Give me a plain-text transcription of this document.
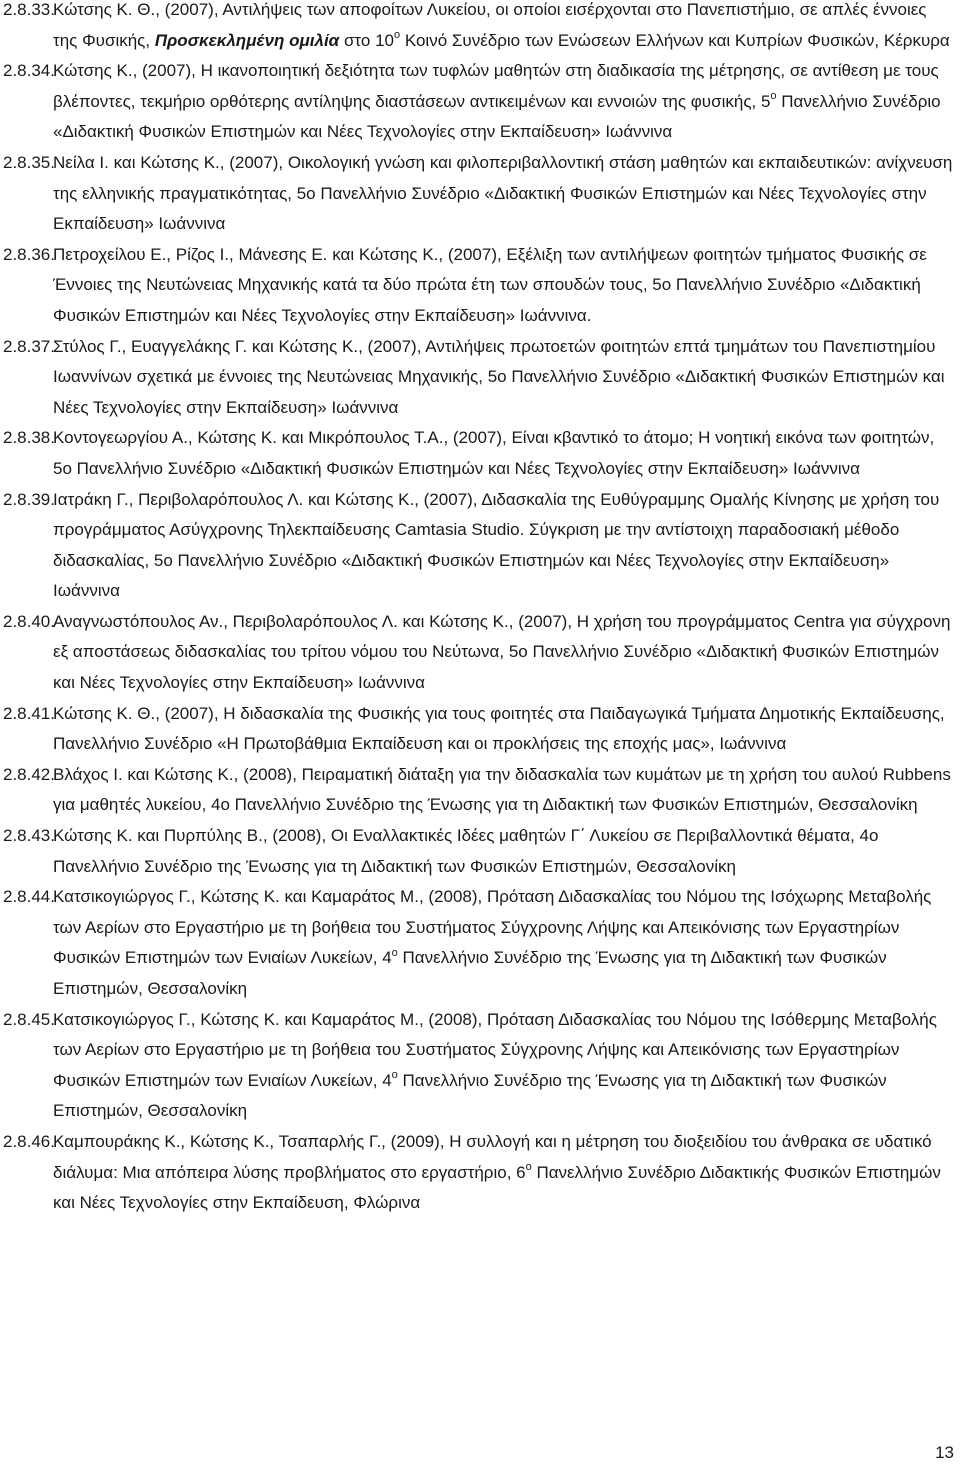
2.8.33.
Κώτσης Κ. Θ., (2007), Αντιλήψεις των αποφοίτων Λυκείου, οι οποίοι εισέρχονται στο Πανεπιστήμιο, σε απλές έννοιες της Φυσικής, Προσκεκλημένη ομιλία στο $10^o$ Κοινό Συνέδριο των Ενώσεων Ελλήνων και Κυπρίων Φυσικών, Κέρκυρα
2.8.34.
Κώτσης Κ., (2007), Η ικανοποιητική δεξιότητα των τυφλών μαθητών στη διαδικασία της μέτρησης, σε αντίθεση με τους βλέποντες, τεκμήριο ορθότερης αντίληψης διαστάσεων αντικειμένων και εννοιών της φυσικής, $5^o$ Πανελλήνιο Συνέδριο «Διδακτική Φυσικών Επιστημών και Νέες Τεχνολογίες στην Εκπαίδευση» Ιωάννινα
2.8.35.
Νείλα Ι. και Κώτσης Κ., (2007), Οικολογική γνώση και φιλοπεριβαλλοντική στάση μαθητών και εκπαιδευτικών: ανίχνευση της ελληνικής πραγματικότητας, 5ο Πανελλήνιο Συνέδριο «Διδακτική Φυσικών Επιστημών και Νέες Τεχνολογίες στην Εκπαίδευση» Ιωάννινα
2.8.36.
Πετροχείλου Ε., Ρίζος Ι., Μάνεσης Ε. και Κώτσης Κ., (2007), Εξέλιξη των αντιλήψεων φοιτητών τμήματος Φυσικής σε Έννοιες της Νευτώνειας Μηχανικής κατά τα δύο πρώτα έτη των σπουδών τους, 5ο Πανελλήνιο Συνέδριο «Διδακτική Φυσικών Επιστημών και Νέες Τεχνολογίες στην Εκπαίδευση» Ιωάννινα.
2.8.37.
Στύλος Γ., Ευαγγελάκης Γ. και Κώτσης Κ., (2007), Αντιλήψεις πρωτοετών φοιτητών επτά τμημάτων του Πανεπιστημίου Ιωαννίνων σχετικά με έννοιες της Νευτώνειας Μηχανικής, 5ο Πανελλήνιο Συνέδριο «Διδακτική Φυσικών Επιστημών και Νέες Τεχνολογίες στην Εκπαίδευση» Ιωάννινα
2.8.38.
Κοντογεωργίου Α., Κώτσης Κ. και Μικρόπουλος Τ.Α., (2007), Είναι κβαντικό το άτομο; Η νοητική εικόνα των φοιτητών, 5ο Πανελλήνιο Συνέδριο «Διδακτική Φυσικών Επιστημών και Νέες Τεχνολογίες στην Εκπαίδευση» Ιωάννινα
2.8.39.
Ιατράκη Γ., Περιβολαρόπουλος Λ. και Κώτσης Κ., (2007), Διδασκαλία της Ευθύγραμμης Ομαλής Κίνησης με χρήση του προγράμματος Ασύγχρονης Τηλεκπαίδευσης Camtasia Studio. Σύγκριση με την αντίστοιχη παραδοσιακή μέθοδο διδασκαλίας, 5ο Πανελλήνιο Συνέδριο «Διδακτική Φυσικών Επιστημών και Νέες Τεχνολογίες στην Εκπαίδευση» Ιωάννινα
2.8.40.
Αναγνωστόπουλος Αν., Περιβολαρόπουλος Λ. και Κώτσης Κ., (2007), Η χρήση του προγράμματος Centra για σύγχρονη εξ αποστάσεως διδασκαλίας του τρίτου νόμου του Νεύτωνα, 5ο Πανελλήνιο Συνέδριο «Διδακτική Φυσικών Επιστημών και Νέες Τεχνολογίες στην Εκπαίδευση» Ιωάννινα
2.8.41.
Κώτσης Κ. Θ., (2007), Η διδασκαλία της Φυσικής για τους φοιτητές στα Παιδαγωγικά Τμήματα Δημοτικής Εκπαίδευσης, Πανελλήνιο Συνέδριο «Η Πρωτοβάθμια Εκπαίδευση και οι προκλήσεις της εποχής μας», Ιωάννινα
2.8.42.
Βλάχος Ι. και Κώτσης Κ., (2008), Πειραματική διάταξη για την διδασκαλία των κυμάτων με τη χρήση του αυλού Rubbens για μαθητές λυκείου, 4ο Πανελλήνιο Συνέδριο της Ένωσης για τη Διδακτική των Φυσικών Επιστημών, Θεσσαλονίκη
2.8.43.
Κώτσης Κ. και Πυρπύλης Β., (2008), Οι Εναλλακτικές Ιδέες μαθητών Γ΄ Λυκείου σε Περιβαλλοντικά θέματα, 4ο Πανελλήνιο Συνέδριο της Ένωσης για τη Διδακτική των Φυσικών Επιστημών, Θεσσαλονίκη
2.8.44.
Κατσικογιώργος Γ., Κώτσης Κ. και Καμαράτος Μ., (2008), Πρόταση Διδασκαλίας του Νόμου της Ισόχωρης Μεταβολής των Αερίων στο Εργαστήριο με τη βοήθεια του Συστήματος Σύγχρονης Λήψης και Απεικόνισης των Εργαστηρίων Φυσικών Επιστημών των Ενιαίων Λυκείων, $4^o$ Πανελλήνιο Συνέδριο της Ένωσης για τη Διδακτική των Φυσικών Επιστημών, Θεσσαλονίκη
2.8.45.
Κατσικογιώργος Γ., Κώτσης Κ. και Καμαράτος Μ., (2008), Πρόταση Διδασκαλίας του Νόμου της Ισόθερμης Μεταβολής των Αερίων στο Εργαστήριο με τη βοήθεια του Συστήματος Σύγχρονης Λήψης και Απεικόνισης των Εργαστηρίων Φυσικών Επιστημών των Ενιαίων Λυκείων, $4^o$ Πανελλήνιο Συνέδριο της Ένωσης για τη Διδακτική των Φυσικών Επιστημών, Θεσσαλονίκη
2.8.46.
Καμπουράκης Κ., Κώτσης Κ., Τσαπαρλής Γ., (2009), Η συλλογή και η μέτρηση του διοξειδίου του άνθρακα σε υδατικό διάλυμα: Μια απόπειρα λύσης προβλήματος στο εργαστήριο, $6^o$ Πανελλήνιο Συνέδριο Διδακτικής Φυσικών Επιστημών και Νέες Τεχνολογίες στην Εκπαίδευση, Φλώρινα
13
